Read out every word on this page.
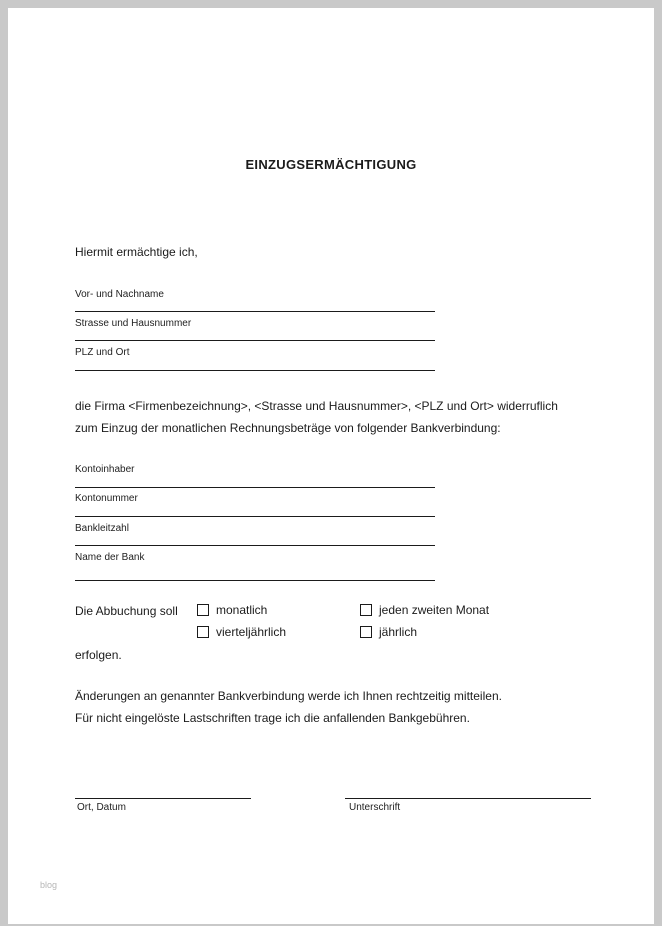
EINZUGSERMÄCHTIGUNG
Hiermit ermächtige ich,
Vor- und Nachname
Strasse und Hausnummer
PLZ und Ort
die Firma <Firmenbezeichnung>, <Strasse und Hausnummer>, <PLZ und Ort> widerruflich
zum Einzug der monatlichen Rechnungsbeträge von folgender Bankverbindung:
Kontoinhaber
Kontonummer
Bankleitzahl
Name der Bank
Die Abbuchung soll	monatlich	jeden zweiten Monat
vierteljährlich	jährlich
erfolgen.
Änderungen an genannter Bankverbindung werde ich Ihnen rechtzeitig mitteilen.
Für nicht eingelöste Lastschriften trage ich die anfallenden Bankgebühren.
Ort, Datum	Unterschrift
blog
